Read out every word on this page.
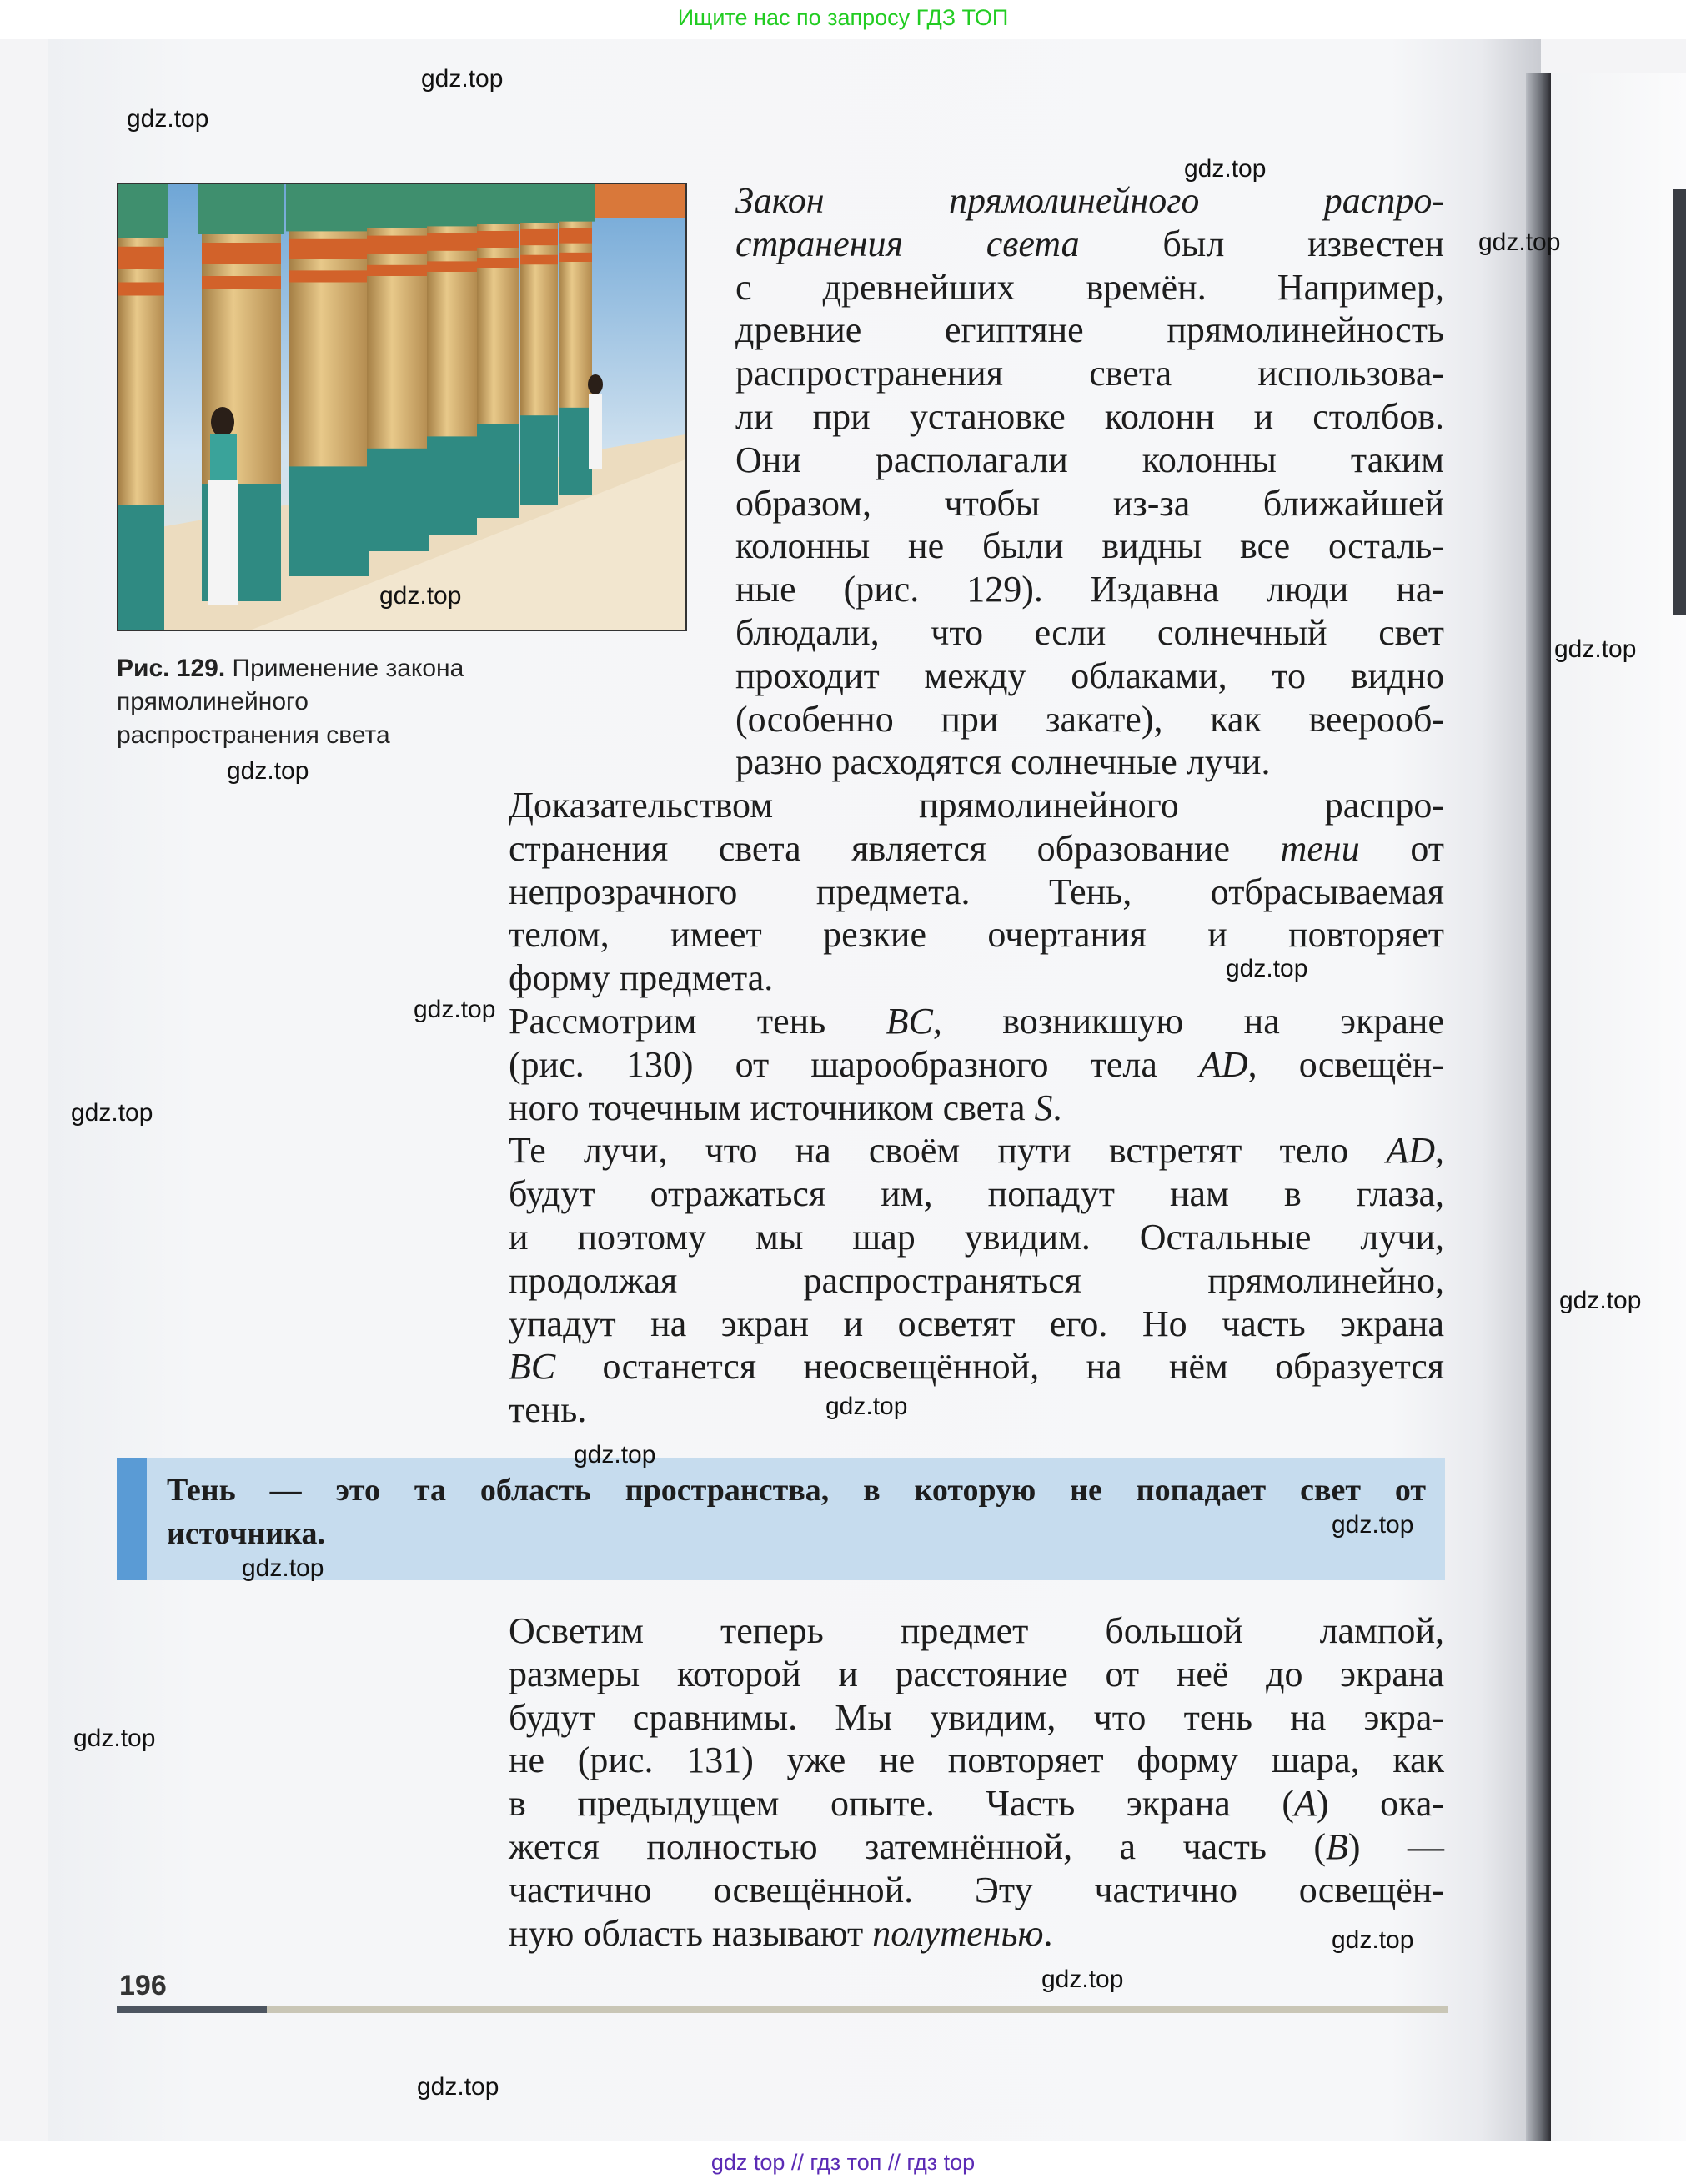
Ищите нас по запросу ГДЗ ТОП
Рис. 129. Применение закона прямолинейного распространения света
Закон прямолинейного распро-
странения света был известен
с древнейших времён. Например,
древние египтяне прямолинейность
распространения света использова-
ли при установке колонн и столбов.
Они располагали колонны таким
образом, чтобы из-за ближайшей
колонны не были видны все осталь-
ные (рис. 129). Издавна люди на-
блюдали, что если солнечный свет
проходит между облаками, то видно
(особенно при закате), как веерооб-
разно расходятся солнечные лучи.
Доказательством прямолинейного распро-
странения света является образование тени от
непрозрачного предмета. Тень, отбрасываемая
телом, имеет резкие очертания и повторяет
форму предмета.
Рассмотрим тень BC, возникшую на экране
(рис. 130) от шарообразного тела AD, освещён-
ного точечным источником света S.
Те лучи, что на своём пути встретят тело AD,
будут отражаться им, попадут нам в глаза,
и поэтому мы шар увидим. Остальные лучи,
продолжая распространяться прямолинейно,
упадут на экран и осветят его. Но часть экрана
BC останется неосвещённой, на нём образуется
тень.
Тень — это та область пространства, в которую не попадает свет от
источника.
Осветим теперь предмет большой лампой,
размеры которой и расстояние от неё до экрана
будут сравнимы. Мы увидим, что тень на экра-
не (рис. 131) уже не повторяет форму шара, как
в предыдущем опыте. Часть экрана (A) ока-
жется полностью затемнённой, а часть (B) —
частично освещённой. Эту частично освещён-
ную область называют полутенью.
196
gdz.top
gdz.top
gdz.top
gdz.top
gdz.top
gdz.top
gdz.top
gdz.top
gdz.top
gdz.top
gdz.top
gdz.top
gdz.top
gdz.top
gdz.top
gdz.top
gdz.top
gdz.top
gdz.top
gdz top // гдз топ // гдз top
